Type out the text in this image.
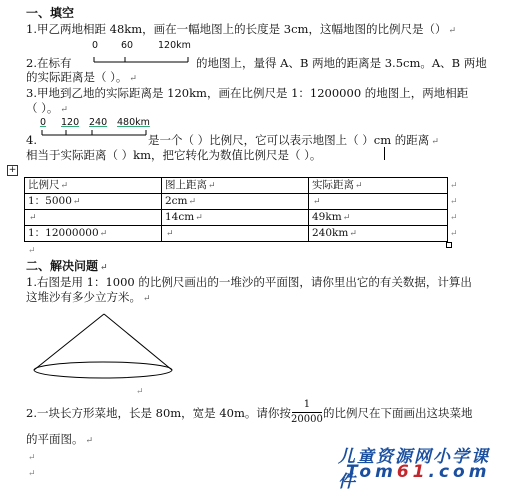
一、填空
1.甲乙两地相距 48km，画在一幅地图上的长度是 3cm，这幅地图的比例尺是（） ↵
0 60	120km
2.在标有	的地图上，量得 A、B 两地的距离是 3.5cm。A、B 两地
的实际距离是（ ）。 ↵
3.甲地到乙地的实际距离是 120km，画在比例尺是 1：1200000 的地图上，两地相距
（ ）。 ↵
0 120 240 480km
4.	是一个（ ）比例尺，它可以表示地图上（ ）cm 的距离 ↵
相当于实际距离（ ）km，把它转化为数值比例尺是（ ）。
+
比例尺↵	图上距离↵	实际距离↵
1：5000↵	2cm↵	↵
↵	14cm↵	49km↵
1：12000000↵	↵	240km↵
↵
↵
↵
↵
↵
二、解决问题 ↵
1.右图是用 1：1000 的比例尺画出的一堆沙的平面图，请你里出它的有关数据，计算出
这堆沙有多少立方米。 ↵
↵
2.一块长方形菜地，长是 80m，宽是 40m。请你按
1
20000 的比例尺在下面画出这块菜地
的平面图。 ↵
↵
↵
儿童资源网小学课件
Tom61.com
